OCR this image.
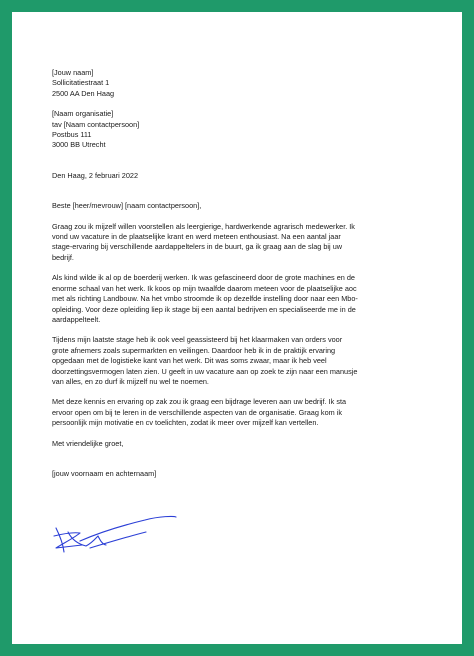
[Jouw naam]
Sollicitatiestraat 1
2500 AA Den Haag
[Naam organisatie]
tav [Naam contactpersoon]
Postbus 111
3000 BB Utrecht
Den Haag, 2 februari 2022
Beste [heer/mevrouw] [naam contactpersoon],
Graag zou ik mijzelf willen voorstellen als leergierige, hardwerkende agrarisch medewerker. Ik
vond uw vacature in de plaatselijke krant en werd meteen enthousiast. Na een aantal jaar
stage-ervaring bij verschillende aardappeltelers in de buurt, ga ik graag aan de slag bij uw
bedrijf.
Als kind wilde ik al op de boerderij werken. Ik was gefascineerd door de grote machines en de
enorme schaal van het werk. Ik koos op mijn twaalfde daarom meteen voor de plaatselijke aoc
met als richting Landbouw. Na het vmbo stroomde ik op dezelfde instelling door naar een Mbo-
opleiding. Voor deze opleiding liep ik stage bij een aantal bedrijven en specialiseerde me in de
aardappelteelt.
Tijdens mijn laatste stage heb ik ook veel geassisteerd bij het klaarmaken van orders voor
grote afnemers zoals supermarkten en veilingen. Daardoor heb ik in de praktijk ervaring
opgedaan met de logistieke kant van het werk. Dit was soms zwaar, maar ik heb veel
doorzettingsvermogen laten zien. U geeft in uw vacature aan op zoek te zijn naar een manusje
van alles, en zo durf ik mijzelf nu wel te noemen.
Met deze kennis en ervaring op zak zou ik graag een bijdrage leveren aan uw bedrijf. Ik sta
ervoor open om bij te leren in de verschillende aspecten van de organisatie. Graag kom ik
persoonlijk mijn motivatie en cv toelichten, zodat ik meer over mijzelf kan vertellen.
Met vriendelijke groet,
[jouw voornaam en achternaam]
